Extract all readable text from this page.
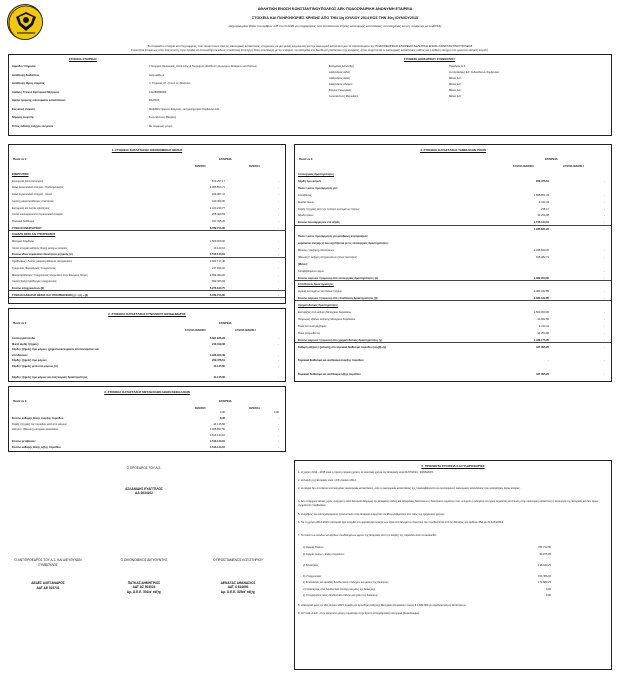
ΑΘΛΗΤΙΚΗ ΕΝΩΣΗ ΚΩΝΣΤΑΝΤΙΝΟΥΠΟΛΕΩΣ ΑΕΚ ΠΟΔΟΣΦΑΙΡΙΚΗ ΑΝΩΝΥΜΗ ΕΤΑΙΡΕΙΑ
ΣΤΟΙΧΕΙΑ ΚΑΙ ΠΛΗΡΟΦΟΡΙΕΣ ΧΡΗΣΗΣ ΑΠΟ ΤΗΝ 1Ιη ΙΟΥΛΙΟΥ 2014 ΕΩΣ ΤΗΝ 30η ΙΟΥΝΙΟΥ2015
(Δημοσιευμένα βάσει του άρθρου 135 του Ν.2190 για επιχειρήσεις που συντάσσουν ετήσιες οικονομικές καταστάσεις, ενοποιημένες και μη, σύμφωνα με τα ΔΠΧΑ)
Τα παρακάτω στοιχεία και πληροφορίες, που προκύπτουν από τις οικονομικές καταστάσεις, στοχεύουν σε μία γενική ενημέρωση για την οικονομική κατάσταση και τα αποτελέσματα της ΠΟΔΟΣΦΑΙΡΙΚΗΣ ΕΤΑΙΡΕΙΑΣ ΑΘΛΗΤΙΚΗ ΕΝΩΣΗ ΚΩΝΣΤΑΝΤΙΝΟΥΠΟΛΕΩΣ
Συνιστάται επομένως στον αναγνώστη, πριν προβεί σε οποιουδήποτε είδους επενδυτική επιλογή ή άλλη συναλλαγή με την εταιρεία, να ανατρέξει στη διεύθυνση διαδικτύου της εταιρείας, όπου αναρτώνται οι οικονομικές καταστάσεις καθώς και η έκθεση ελέγχου του ορκωτού ελεγκτή λογιστή.
ΣΤΟΙΧΕΙΑ ΕΤΑΙΡΕΙΑΣ	ΣΥΝΘΕΣΗ ΔΙΟΙΚΗΤΙΚΟΥ ΣΥΜΒΟΥΛΙΟΥ
Αρμόδια Υπηρεσία	Υπουργείο Οικονομίας, Ανάπτυξης & Τουρισμού, Διεύθυνση Ανωνύμων Εταιρειών και Πίστεως
Διεύθυνση διαδικτύου	www.aekfc.gr
Διεύθυνση έδρας εταιρείας	Λ. Κηφισίας 37, (Ο.Α.Κ.Α.) Μαρούσι
Αριθμός Γενικού Εμπορικού Μητρώου	131280680000
Ημ/νία έγκρισης οικονομικών καταστάσεων	8/1/2015
Ελεγκτική εταιρεία	MAZARS Ορκωτοί Ελεγκτές - Επιχειρηματικοί Σύμβουλοι Α.Ε.
Νόμιμος ελεγκτής	Κωνσταντίνος Μαυρέας
Τύπος έκθεσης ελέγχου ελεγκτών	Με σύμφωνη γνώμη
Ευάγγελος Ασλανίδης	Πρόεδρος Δ.Σ.
Αλέξανδρος Δεδές	Αντιπρόεδρος Δ.Σ. & Διευθύνων Σύμβουλος
Αλέξανδρος Δεδές	Μέλος Δ.Σ.
Αλέξανδρος Αδάμου	Μέλος Δ.Σ.
Σέργιος Γεωργάκας	Μέλος Δ.Σ.
Κωνσταντίνος Μαρινάκης	Μέλος Δ.Σ.
1. ΣΤΟΙΧΕΙΑ ΚΑΤΑΣΤΑΣΗΣ ΟΙΚΟΝΟΜΙΚΗΣ ΘΕΣΗΣ
Ποσά σε €	ΕΤΑΙΡΕΙΑ
30/6/2015	30/6/2014
ΕΝΕΡΓΗΤΙΚΟ
Ενσώματα ακινητοποιήσεις	673.297,17	-
Άυλα περιουσιακά στοιχεία - Ποδοσφαιριστές	4.065.553,71	-
Άυλα περιουσιακά στοιχεία - Λοιπά	209.967,41	-
Λοιπές μακροπρόθεσμες απαιτήσεις	100.300,00	-
Εμπορικές και λοιπές απαιτήσεις	1.100.230,77	-
Λοιπά κυκλοφορούντα περιουσιακά στοιχεία	268.309,53	-
Ταμειακά διαθέσιμα	437.095,26	-
ΣΥΝΟΛΟ ΕΝΕΡΓΗΤΙΚΟΥ	6.789.753,95	-
ΚΑΘΑΡΗ ΘΕΣΗ ΚΑΙ ΥΠΟΧΡΕΩΣΕΙΣ
Μετοχικό Κεφάλαιο	1.500.000,00	-
Λοιπά στοιχεία καθαρής θέσης μετόχων εταιρίας	13.143,10	-
Σύνολο ιδίων κεφαλαίων ιδιοκτητών μητρικής (α)	1.513.143,10	-
Προβλέψεις / Λοιπές μακροπρόθεσμες υποχρεώσεις	2.603.717,40	-
Τρέχουσες Φορολογικές Υποχρεώσεις	247.846,32	-
Μακροπρόθεσμες Υποχρεώσεις πληρωτέες στην Επόμενη Χρήση	1.592.380,20	-
Λοιπές βραχυπρόθεσμες υποχρεώσεις	832.666,93	-
Σύνολο υποχρεώσεων (β)	5.276.610,75	-
ΣΥΝΟΛΟ ΚΑΘΑΡΗΣ ΘΕΣΗΣ ΚΑΙ ΥΠΟΧΡΕΩΣΕΩΝ (γ) = (α) + (β)	6.789.753,85	-
2. ΣΤΟΙΧΕΙΑ ΚΑΤΑΣΤΑΣΗΣ ΣΥΝΟΛΙΚΟΥ ΕΙΣΟΔΗΜΑΤΟΣ
Ποσά σε €	ΕΤΑΙΡΕΙΑ
1/7/2014-30/6/2015	1/7/2013-30/6/2014
Λειτουργικά έσοδα	6.667.936,29	-
Μικτά κέρδη / (ζημιές)	240.199,06	-
Κέρδη / (ζημιές) προ φόρων, χρηματοοικονομικών αποτελεσμάτων και
επενδύσεων	1.936.060,39	-
Κέρδη / (ζημιές) προ φόρων	209.376,61	-
Κέρδη / (ζημιές) μετά από φόρους (Α)	44.145,60	-
Κέρδη / (ζημιές) προ φόρων και αναγνώριση δραστηριότητες	44.145,60	-
3. ΣΤΟΙΧΕΙΑ ΚΑΤΑΣΤΑΣΗΣ ΜΕΤΑΒΟΛΩΝ ΙΔΙΩΝ ΚΕΦΑΛΑΙΩΝ
Ποσά σε €	ΕΤΑΙΡΕΙΑ
30/6/2015	30/6/2014
0,00	0,00
Σύνολο καθαρής θέσης έναρξης περιόδου	0,00	-
Κέρδη / (ζημιές) της περιόδου μετά από φόρους	44.145,60	-
Αύξηση / (Μείωση) μετοχικού κεφαλαίου	1.468.997,50	-
1.513.143,10	-
Σύνολο μεταβολών	1.513.143,10	-
Σύνολο καθαρής θέσης λήξης περιόδου	1.513.143,10	-
4. ΣΤΟΙΧΕΙΑ ΚΑΤΑΣΤΑΣΗΣ ΤΑΜΕΙΑΚΩΝ ΡΟΩΝ
Ποσά σε €	ΕΤΑΙΡΕΙΑ
1/7/2014-30/6/2015	1/7/2013-30/6/2014
Λειτουργικές δραστηριότητες
Κέρδη προ φόρων	209.376,61	-
Πλέον / μείον προσαρμογές για:
Αποσβέσεις	1.895.951,33	-
Έσοδα τόκων	-2.432,43	-
Κέρδη / (ζημιές) από την πώληση ενσώματων παγίων	-235,17	-
Έξοδα τόκων	33.254,08	-
Σύνολο προσαρμογών στα κέρδη	1.726.444,61	-
1.935.821,22	-
Πλέον / μείον προσαρμογές για μεταβολές λογαριασμών
κεφαλαίου κίνησης ή που σχετίζονται με τις λειτουργικές δραστηριότητες:
Μείωση / (αύξηση) απαιτήσεων	-1.468.840,20	-
(Μείωση) / αύξηση υποχρεώσεων (πλην τραπεζών)	915.282,74	-
(Μείον):
Καταβεβλημένοι φόροι	-
Σύνολο εισροών / (εκροών) από λειτουργικές δραστηριότητες (α)	1.382.263,06	-
Επενδυτικές δραστηριότητες
Αγορές ενσώματων και άυλων παγίων	-2.383.342,85	-
Σύνολο εισροών / (εκροών) από επενδυτικές δραστηριότητες (β)	-2.383.342,85	-
Χρηματοδοτικές δραστηριότητες
Εισπράξεις από αύξηση Μετοχικού Κεφαλαίου	1.500.960,00	-
Πληρωμές εξόδων αύξησης Μετοχικού Κεφαλαίου	-31.962,50	-
Τόκοι που εισπράχθηκαν	2.432,43	-
Τόκοι πληρωθέντες	-33.254,08	-
Σύνολο εισροών / (εκροών) από χρηματοδοτικές δραστηριότητες (γ)	1.438.175,05	-
Καθαρή αύξηση / (μείωση) στα ταμειακά διαθέσιμα περιόδου (α)+(β)+(γ)	437.095,26	-
Ταμειακά διαθέσιμα και ισοδύναμα έναρξης περιόδου	-	-
Ταμειακά διαθέσιμα και ισοδύναμα λήξης περιόδου	437.095,26	-
Ο ΠΡΟΕΔΡΟΣ ΤΟΥ Δ.Σ.
ΑΣΛΑΝΙΔΗΣ ΕΥΑΓΓΕΛΟΣ
ΑΔ 3634102
Ο ΑΝΤΙΠΡΟΕΔΡΟΣ ΤΟΥ Δ.Σ. ΚΑΙ ΔΙΕΥΘΥΝΩΝ ΣΥΜΒΟΥΛΟΣ
ΔΕΔΕΣ ΑΛΕΞΑΝΔΡΟΣ
ΑΔΤ ΑΕ 019731
Ο ΟΙΚΟΝΟΜΙΚΟΣ ΔΙΕΥΘΥΝΤΗΣ
ΠΑΤΚΑΣ ΔΗΜΗΤΡΙΟΣ
ΑΔΤ ΑΖ 503024
Αρ. Ο.Ε.Ε. 501/α' τάξης
Ο ΠΡΟΪΣΤΑΜΕΝΟΣ ΛΟΓΙΣΤΗΡΙΟΥ
ΔΕΝΑΞΑΣ ΑΘΑΝΑΣΙΟΣ
ΑΔΤ Χ 614693
Αρ. Ο.Ε.Ε. 525/α' τάξης
5. ΠΡΟΣΘΕΤΑ ΣΤΟΙΧΕΙΑ ΚΑΙ ΠΛΗΡΟΦΟΡΙΕΣ
1. Η χρήση 2014 - 2015 είναι η πρώτη εταιρική χρήση. Η λογιστική χρήση της Εταιρείας είναι 01/07/2014 - 30/06/2015.
2. Η έναρξη της Εταιρείας είναι η 15η Ιουλίου 2014.
3. Η εταιρία δεν συντάσσει ενοποιημένες οικονομικές καταστάσεις, ούτε οι οικονομικές καταστάσεις της περιλαμβάνονται σε ενοποιημένες οικονομικές καταστάσεις που καταρτίζουν άλλες εταιρίες.
4. Δεν υπάρχουν τέτοιες ρητές ενέχυρα ή κατά διαιτησία διαφορές της Εταιρείας καθώς και αποφάσεις δικαστικών ή διοικητικών οργάνων που να έχουν ή ενδέχεται να έχουν σημαντική επίπτωση στην οικονομική κατάσταση ή λειτουργία της Εταιρείας και δεν έχουν σχηματιστεί προβλέψεις.
5. Ο αριθμός του απασχολούμενου προσωπικού στην Εταιρεία ανερχόταν σε 95 εργαζόμενους στο τέλος της τρέχουσας χρήσης.
6. Για τη χρήση 2014-2015 η Εταιρεία έχει υπαχθεί στο φορολογικό έλεγχο των Ορκωτών Ελεγκτών Λογιστών που προβλέπεται από τις διατάξεις του άρθρου 65Α του Ν.4174/2013.
7. Τα ποσά των εσόδων και εξόδων συνδεδεμένων μερών της Εταιρείας από την έναρξη της περιόδου είναι τα ακόλουθα:
α) Αγορές Παγίων	782.712,50
β) Αγορές άυλων - λήψη υπηρεσιών	90.975,05
γ) Απαιτήσεις	138.640,29
δ) Υποχρεώσεις	151.456,32
ε) Συναλλαγές και αμοιβές διευθυντικών στελεχών και μελών της διοίκησης	171.689,23
στ) Απαιτήσεις από διευθυντικά στελέχη και μέλη της διοίκησης	0,00
ζ) Υποχρεώσεις προς διευθυντικά στελέχη και μέλη της διοίκησης	0,00
8. Η Εταιρεία μετά την 30η Ιουνίου 2015 προέβη σε προσθήκη Αύξησης Μετοχικού Κεφαλαίου ποσού € 1.803.600 με κεφαλαιοποίηση απαιτήσεων.
9. Η Π.Α.Ε. Α.Ε.Κ. στην τρέχουσα χρήση συμμετείχε στην πρώτη επαγγελματική κατηγορία (Superleague).
